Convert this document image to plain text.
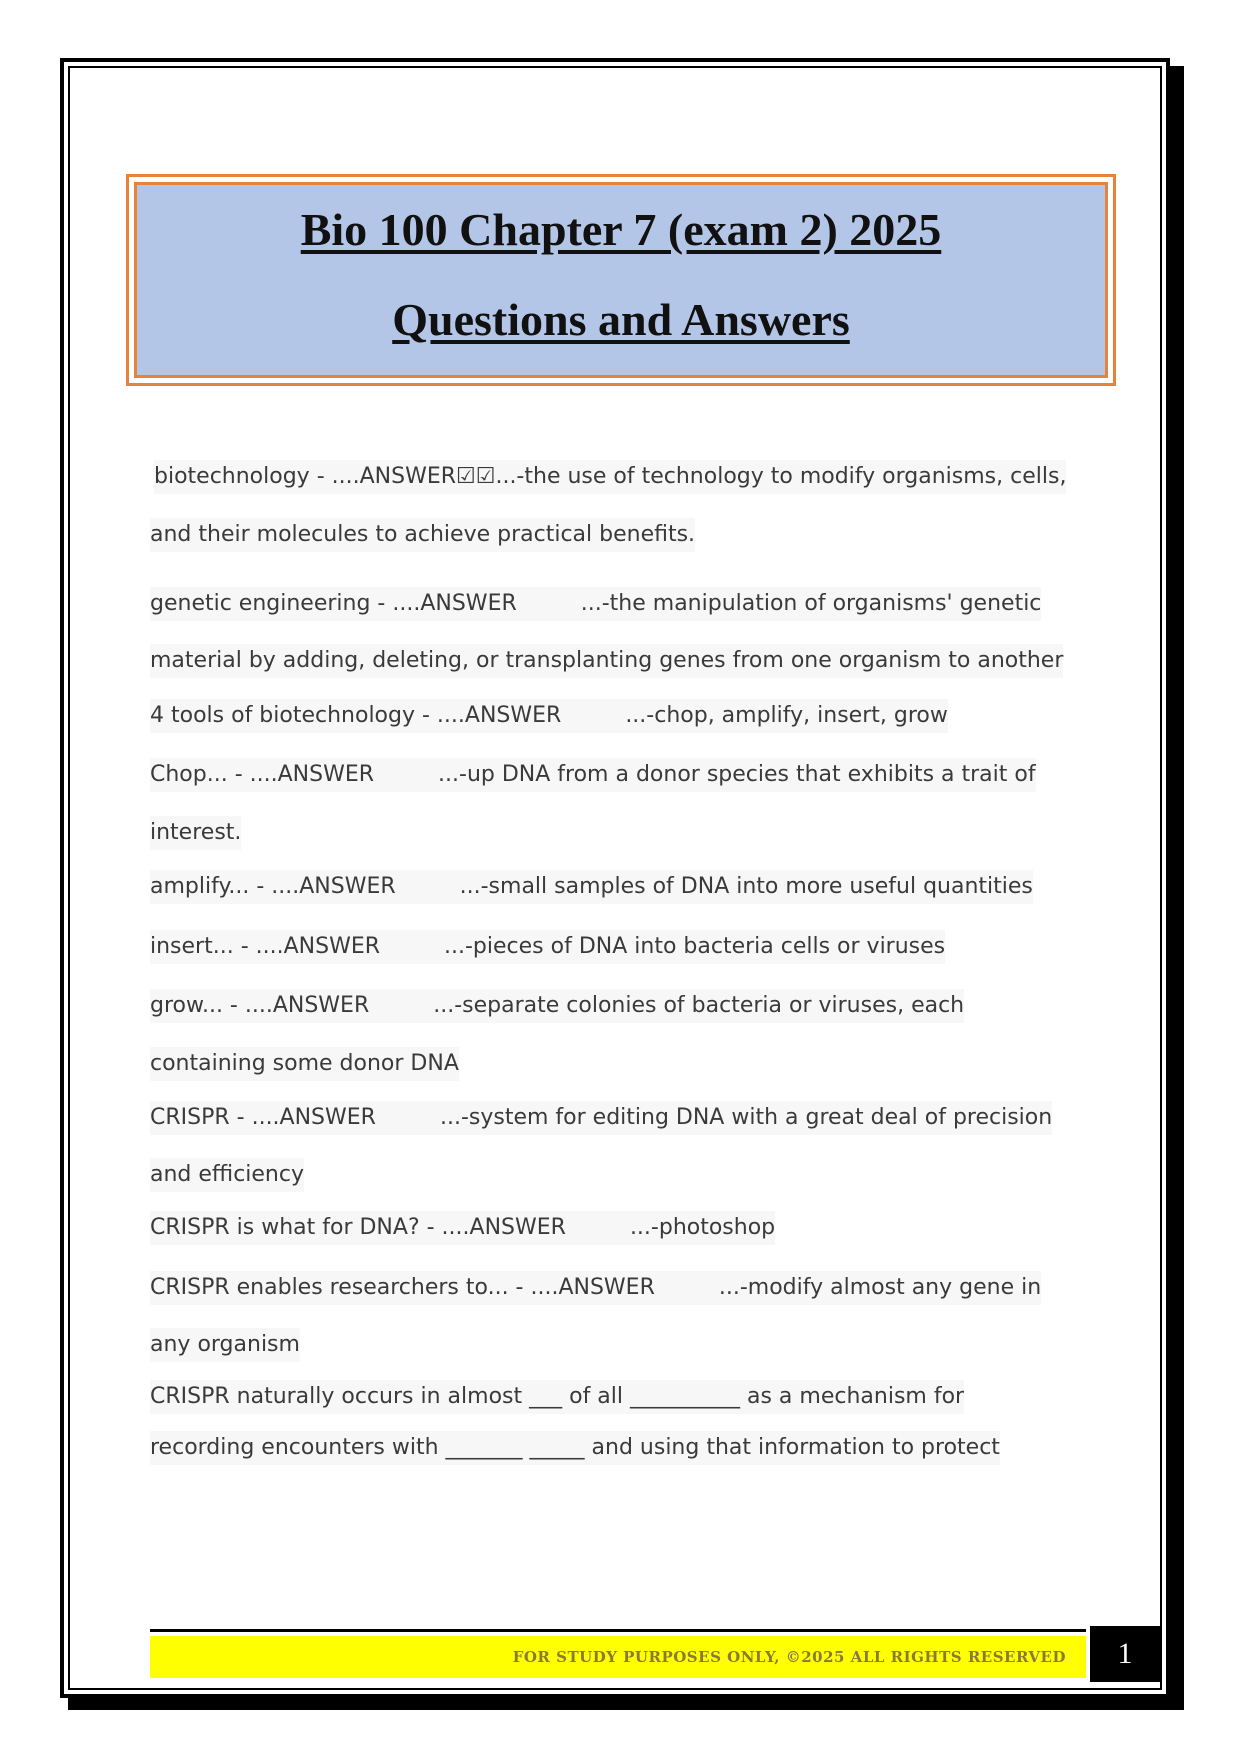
Bio 100 Chapter 7 (exam 2) 2025
Questions and Answers
biotechnology - ....ANSWER☑☑...-the use of technology to modify organisms, cells,
and their molecules to achieve practical benefits.
genetic engineering - ....ANSWER	...-the manipulation of organisms' genetic
material by adding, deleting, or transplanting genes from one organism to another
4 tools of biotechnology - ....ANSWER	...-chop, amplify, insert, grow
Chop... - ....ANSWER	...-up DNA from a donor species that exhibits a trait of
interest.
amplify... - ....ANSWER	...-small samples of DNA into more useful quantities
insert... - ....ANSWER	...-pieces of DNA into bacteria cells or viruses
grow... - ....ANSWER	...-separate colonies of bacteria or viruses, each
containing some donor DNA
CRISPR - ....ANSWER	...-system for editing DNA with a great deal of precision
and efficiency
CRISPR is what for DNA? - ....ANSWER	...-photoshop
CRISPR enables researchers to... - ....ANSWER	...-modify almost any gene in
any organism
CRISPR naturally occurs in almost ___ of all __________ as a mechanism for
recording encounters with _______ _____ and using that information to protect
FOR STUDY PURPOSES ONLY, ©2025 ALL RIGHTS RESERVED	1
